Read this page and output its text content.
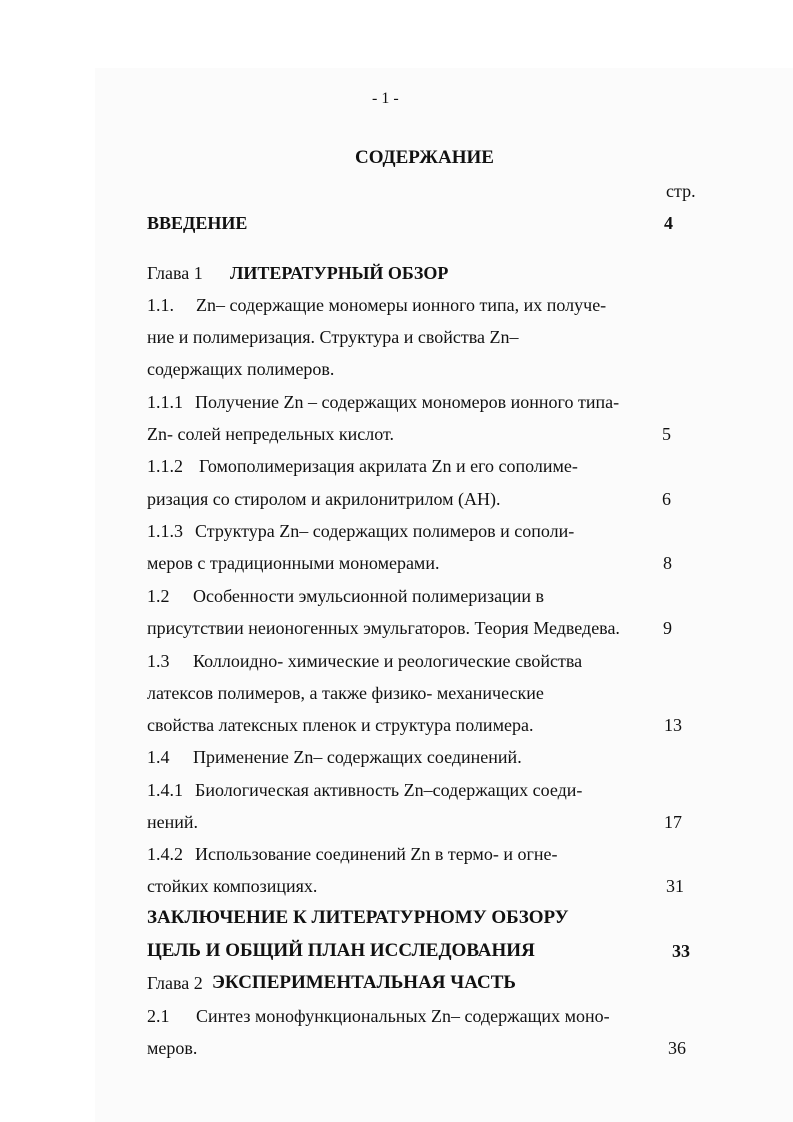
- 1 -
СОДЕРЖАНИЕ
стр.
ВВЕДЕНИЕ	4
Глава 1 ЛИТЕРАТУРНЫЙ ОБЗОР
1.1. Zn– содержащие мономеры ионного типа, их получе-
ние и полимеризация. Структура и свойства Zn–
содержащих полимеров.
1.1.1 Получение Zn – содержащих мономеров ионного типа-
Zn- солей непредельных кислот.	5
1.1.2 Гомополимеризация акрилата Zn и его сополиме-
ризация со стиролом и акрилонитрилом (АН).	6
1.1.3 Структура Zn– содержащих полимеров и сополи-
меров с традиционными мономерами.	8
1.2 Особенности эмульсионной полимеризации в
присутствии неионогенных эмульгаторов. Теория Медведева. 9
1.3 Коллоидно- химические и реологические свойства
латексов полимеров, а также физико- механические
свойства латексных пленок и структура полимера.	13
1.4 Применение Zn– содержащих соединений.
1.4.1 Биологическая активность Zn–содержащих соеди-
нений.	17
1.4.2 Использование соединений Zn в термо- и огне-
стойких композициях.	31
ЗАКЛЮЧЕНИЕ К ЛИТЕРАТУРНОМУ ОБЗОРУ
ЦЕЛЬ И ОБЩИЙ ПЛАН ИССЛЕДОВАНИЯ	33
Глава 2 ЭКСПЕРИМЕНТАЛЬНАЯ ЧАСТЬ
2.1 Синтез монофункциональных Zn– содержащих моно-
меров.	36
